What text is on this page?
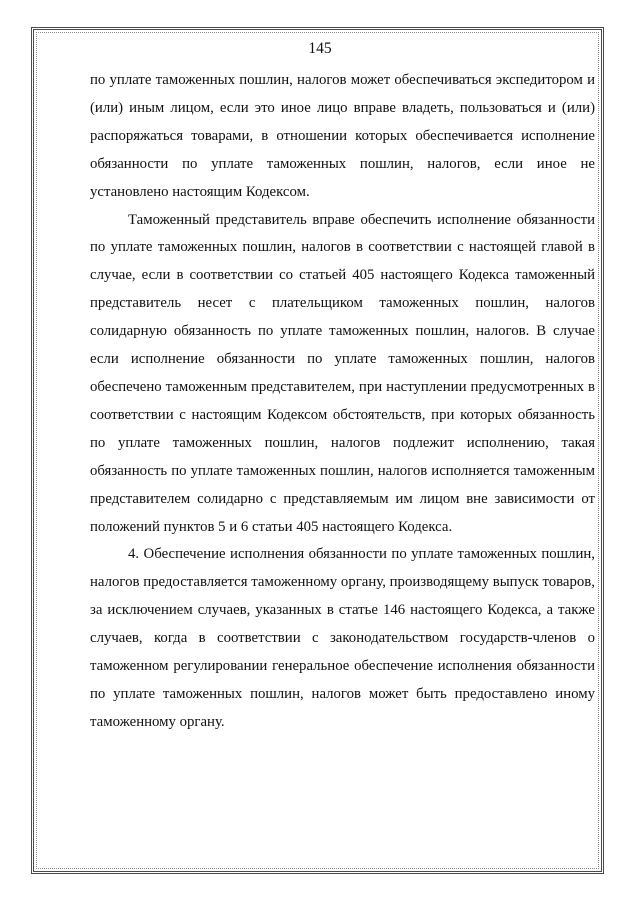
145

по уплате таможенных пошлин, налогов может обеспечиваться экспедитором и (или) иным лицом, если это иное лицо вправе владеть, пользоваться и (или) распоряжаться товарами, в отношении которых обеспечивается исполнение обязанности по уплате таможенных пошлин, налогов, если иное не установлено настоящим Кодексом.

Таможенный представитель вправе обеспечить исполнение обязанности по уплате таможенных пошлин, налогов в соответствии с настоящей главой в случае, если в соответствии со статьей 405 настоящего Кодекса таможенный представитель несет с плательщиком таможенных пошлин, налогов солидарную обязанность по уплате таможенных пошлин, налогов. В случае если исполнение обязанности по уплате таможенных пошлин, налогов обеспечено таможенным представителем, при наступлении предусмотренных в соответствии с настоящим Кодексом обстоятельств, при которых обязанность по уплате таможенных пошлин, налогов подлежит исполнению, такая обязанность по уплате таможенных пошлин, налогов исполняется таможенным представителем солидарно с представляемым им лицом вне зависимости от положений пунктов 5 и 6 статьи 405 настоящего Кодекса.

4. Обеспечение исполнения обязанности по уплате таможенных пошлин, налогов предоставляется таможенному органу, производящему выпуск товаров, за исключением случаев, указанных в статье 146 настоящего Кодекса, а также случаев, когда в соответствии с законодательством государств-членов о таможенном регулировании генеральное обеспечение исполнения обязанности по уплате таможенных пошлин, налогов может быть предоставлено иному таможенному органу.
